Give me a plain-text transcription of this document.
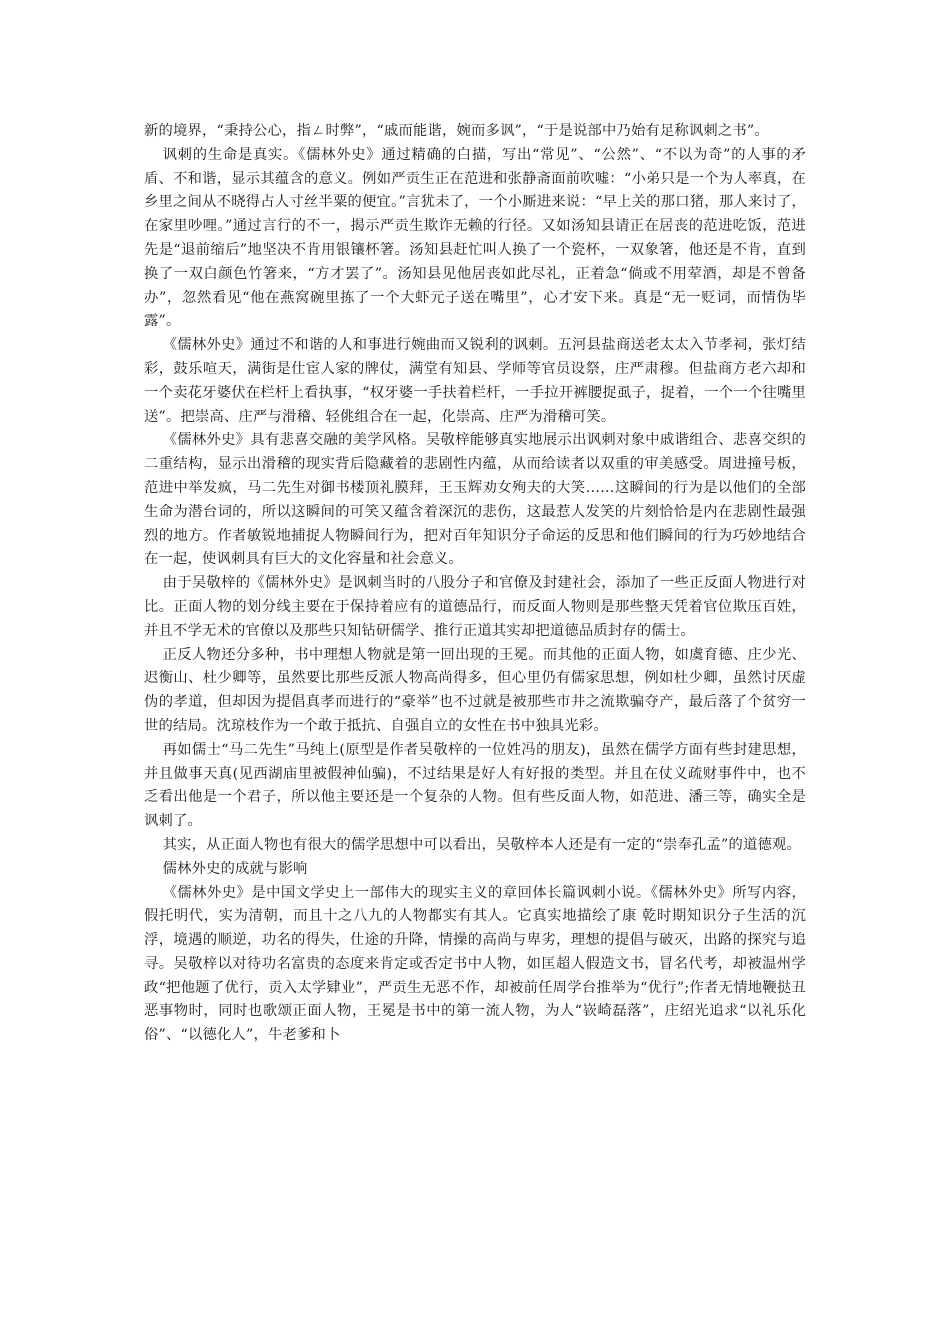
新的境界，“秉持公心，指ㄥ时弊”，“戚而能谐，婉而多讽”，“于是说部中乃始有足称讽刺之书”。

讽刺的生命是真实。《儒林外史》通过精确的白描，写出“常见”、“公然”、“不以为奇”的人事的矛盾、不和谐，显示其蕴含的意义。例如严贡生正在范进和张静斋面前吹嘘：“小弟只是一个为人率真，在乡里之间从不晓得占人寸丝半粟的便宜。”言犹未了，一个小厮进来说：“早上关的那口猪，那人来讨了，在家里吵哩。”通过言行的不一，揭示严贡生欺诈无赖的行径。又如汤知县请正在居丧的范进吃饭，范进先是“退前缩后”地坚决不肯用银镶杯箸。汤知县赶忙叫人换了一个瓷杯，一双象箸，他还是不肯，直到换了一双白颜色竹箸来，“方才罢了”。汤知县见他居丧如此尽礼，正着急“倘或不用荤酒，却是不曾备办”，忽然看见“他在燕窝碗里拣了一个大虾元子送在嘴里”，心才安下来。真是“无一贬词，而情伪毕露”。

《儒林外史》通过不和谐的人和事进行婉曲而又锐利的讽刺。五河县盐商送老太太入节孝祠，张灯结彩，鼓乐喧天，满街是仕宦人家的牌仗，满堂有知县、学师等官员设祭，庄严肃穆。但盐商方老六却和一个卖花牙婆伏在栏杆上看执事，“权牙婆一手扶着栏杆，一手拉开裤腰捉虱子，捉着，一个一个往嘴里送”。把崇高、庄严与滑稽、轻佻组合在一起，化崇高、庄严为滑稽可笑。

《儒林外史》具有悲喜交融的美学风格。吴敬梓能够真实地展示出讽刺对象中戚谐组合、悲喜交织的二重结构，显示出滑稽的现实背后隐藏着的悲剧性内蕴，从而给读者以双重的审美感受。周进撞号板，范进中举发疯，马二先生对御书楼顶礼膜拜，王玉辉劝女殉夫的大笑……这瞬间的行为是以他们的全部生命为潜台词的，所以这瞬间的可笑又蕴含着深沉的悲伤，这最惹人发笑的片刻恰恰是内在悲剧性最强烈的地方。作者敏锐地捕捉人物瞬间行为，把对百年知识分子命运的反思和他们瞬间的行为巧妙地结合在一起，使讽刺具有巨大的文化容量和社会意义。

由于吴敬梓的《儒林外史》是讽刺当时的八股分子和官僚及封建社会，添加了一些正反面人物进行对比。正面人物的划分线主要在于保持着应有的道德品行，而反面人物则是那些整天凭着官位欺压百姓，并且不学无术的官僚以及那些只知钻研儒学、推行正道其实却把道德品质封存的儒士。

正反人物还分多种，书中理想人物就是第一回出现的王冕。而其他的正面人物，如虞育德、庄少光、迟衡山、杜少卿等，虽然要比那些反派人物高尚得多，但心里仍有儒家思想，例如杜少卿，虽然讨厌虚伪的孝道，但却因为提倡真孝而进行的“豪举”也不过就是被那些市井之流欺骗夺产，最后落了个贫穷一世的结局。沈琼枝作为一个敢于抵抗、自强自立的女性在书中独具光彩。

再如儒士“马二先生”马纯上(原型是作者吴敬梓的一位姓冯的朋友)，虽然在儒学方面有些封建思想，并且做事天真(见西湖庙里被假神仙骗)，不过结果是好人有好报的类型。并且在仗义疏财事件中，也不乏看出他是一个君子，所以他主要还是一个复杂的人物。但有些反面人物，如范进、潘三等，确实全是讽刺了。

其实，从正面人物也有很大的儒学思想中可以看出，吴敬梓本人还是有一定的“崇奉孔孟”的道德观。

儒林外史的成就与影响

《儒林外史》是中国文学史上一部伟大的现实主义的章回体长篇讽刺小说。《儒林外史》所写内容，假托明代，实为清朝，而且十之八九的人物都实有其人。它真实地描绘了康 乾时期知识分子生活的沉浮，境遇的顺逆，功名的得失，仕途的升降，情操的高尚与卑劣，理想的提倡与破灭，出路的探究与追寻。吴敬梓以对待功名富贵的态度来肯定或否定书中人物，如匡超人假造文书，冒名代考，却被温州学政“把他题了优行，贡入太学肄业”，严贡生无恶不作，却被前任周学台推举为“优行”;作者无情地鞭挞丑恶事物时，同时也歌颂正面人物，王冕是书中的第一流人物，为人“嵚崎磊落”，庄绍光追求“以礼乐化俗”、“以德化人”，牛老爹和卜
